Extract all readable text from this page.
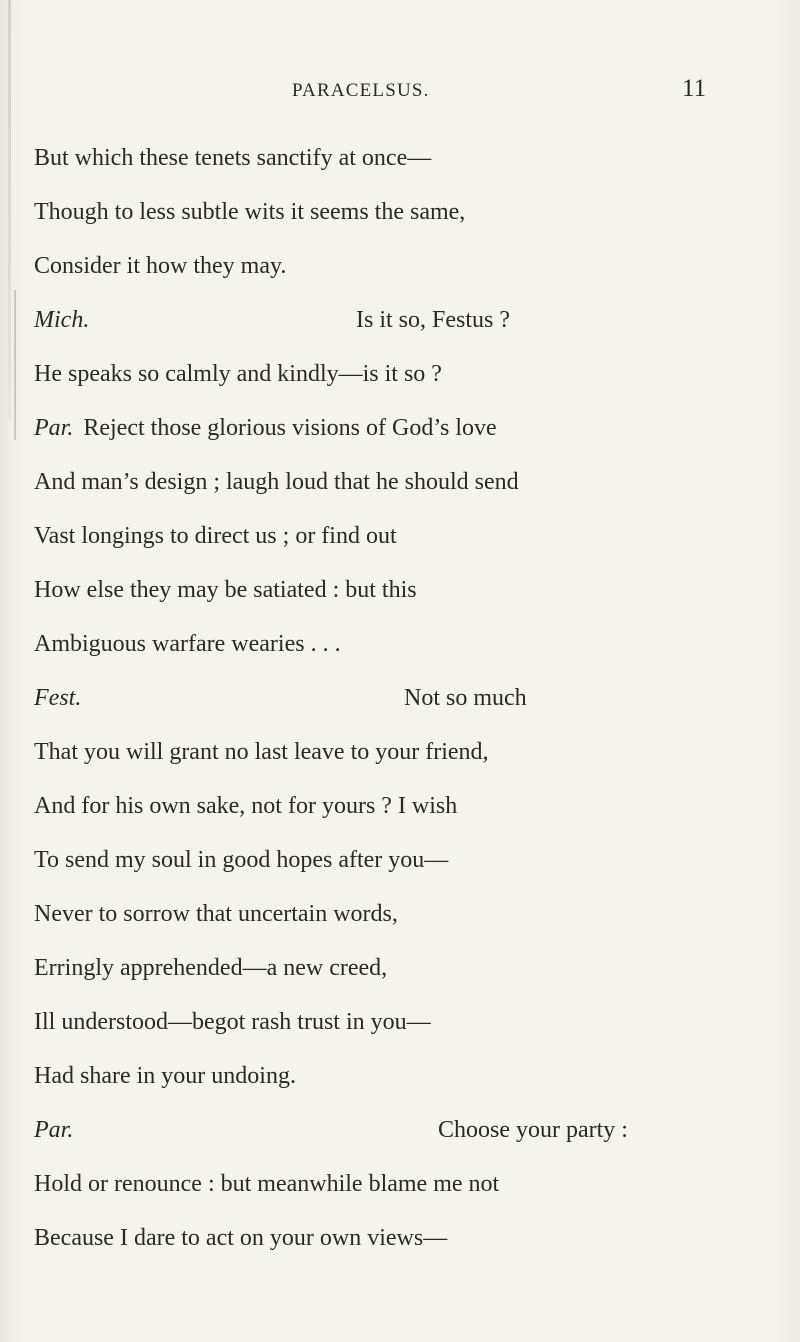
PARACELSUS.	11
But which these tenets sanctify at once—
Though to less subtle wits it seems the same,
Consider it how they may.
Mich.	Is it so, Festus ?
He speaks so calmly and kindly—is it so ?
Par. Reject those glorious visions of God’s love
And man’s design ; laugh loud that he should send
Vast longings to direct us ; or find out
How else they may be satiated : but this
Ambiguous warfare wearies . . .
Fest.	Not so much
That you will grant no last leave to your friend,
And for his own sake, not for yours ? I wish
To send my soul in good hopes after you—
Never to sorrow that uncertain words,
Erringly apprehended—a new creed,
Ill understood—begot rash trust in you—
Had share in your undoing.
Par.	Choose your party :
Hold or renounce : but meanwhile blame me not
Because I dare to act on your own views—
